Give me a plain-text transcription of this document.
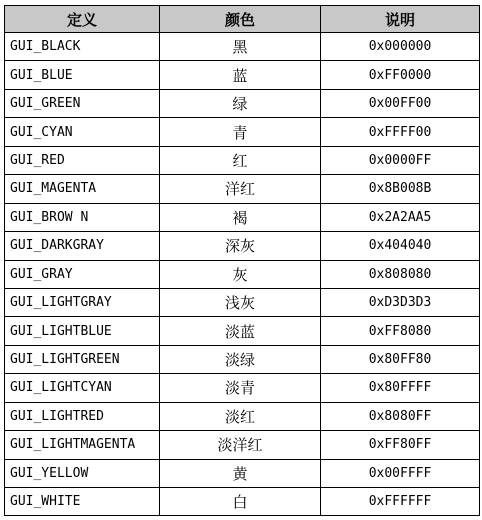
定义	颜色	说明
GUI_BLACK	黑	0x000000
GUI_BLUE	蓝	0xFF0000
GUI_GREEN	绿	0x00FF00
GUI_CYAN	青	0xFFFF00
GUI_RED	红	0x0000FF
GUI_MAGENTA	洋红	0x8B008B
GUI_BROW N	褐	0x2A2AA5
GUI_DARKGRAY	深灰	0x404040
GUI_GRAY	灰	0x808080
GUI_LIGHTGRAY	浅灰	0xD3D3D3
GUI_LIGHTBLUE	淡蓝	0xFF8080
GUI_LIGHTGREEN	淡绿	0x80FF80
GUI_LIGHTCYAN	淡青	0x80FFFF
GUI_LIGHTRED	淡红	0x8080FF
GUI_LIGHTMAGENTA	淡洋红	0xFF80FF
GUI_YELLOW	黄	0x00FFFF
GUI_WHITE	白	0xFFFFFF
